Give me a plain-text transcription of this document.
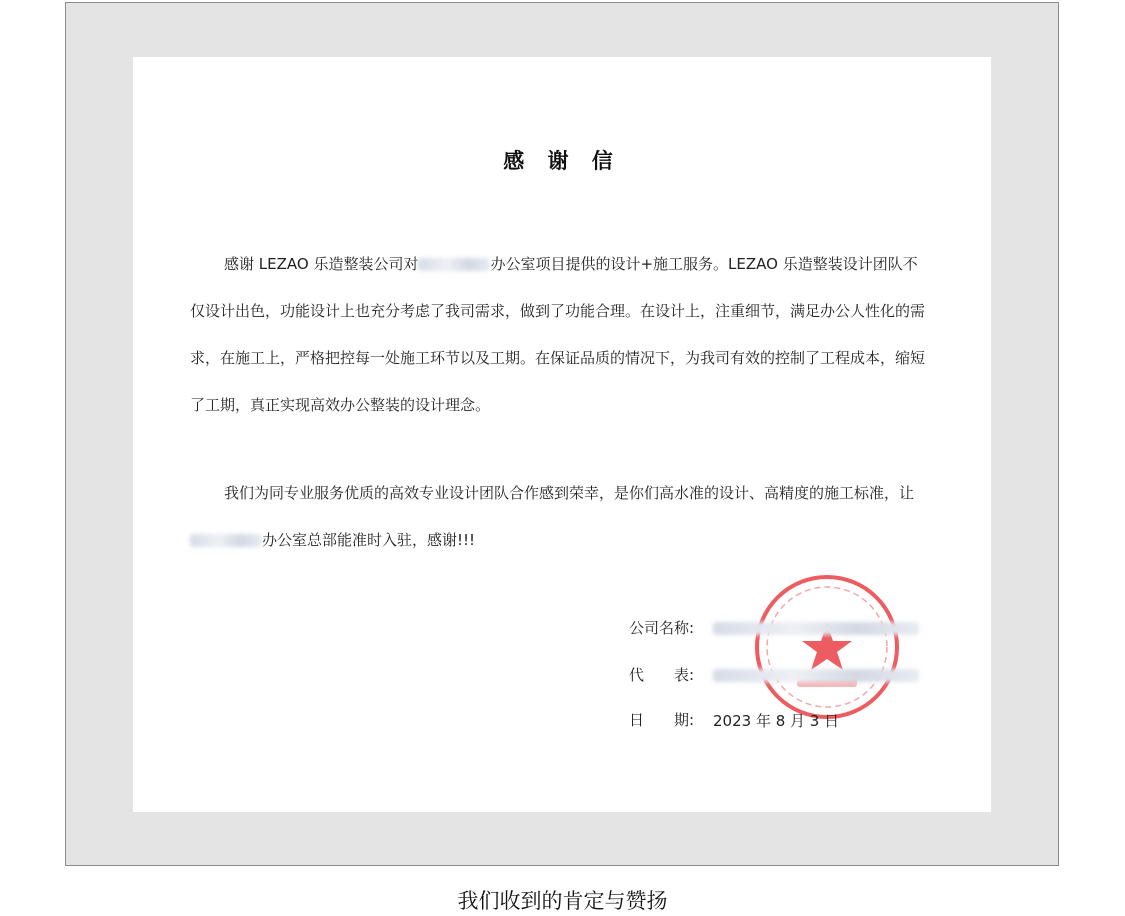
感 谢 信

感谢 LEZAO 乐造整装公司对	办公室项目提供的设计+施工服务。LEZAO 乐造整装设计团队不仅设计出色，功能设计上也充分考虑了我司需求，做到了功能合理。在设计上，注重细节，满足办公人性化的需求，在施工上，严格把控每一处施工环节以及工期。在保证品质的情况下，为我司有效的控制了工程成本，缩短了工期，真正实现高效办公整装的设计理念。

我们为同专业服务优质的高效专业设计团队合作感到荣幸，是你们高水准的设计、高精度的施工标准，让办公室总部能准时入驻，感谢!!!

公司名称:
代　　表:
日　　期: 2023 年 8 月 3 日
我们收到的肯定与赞扬
